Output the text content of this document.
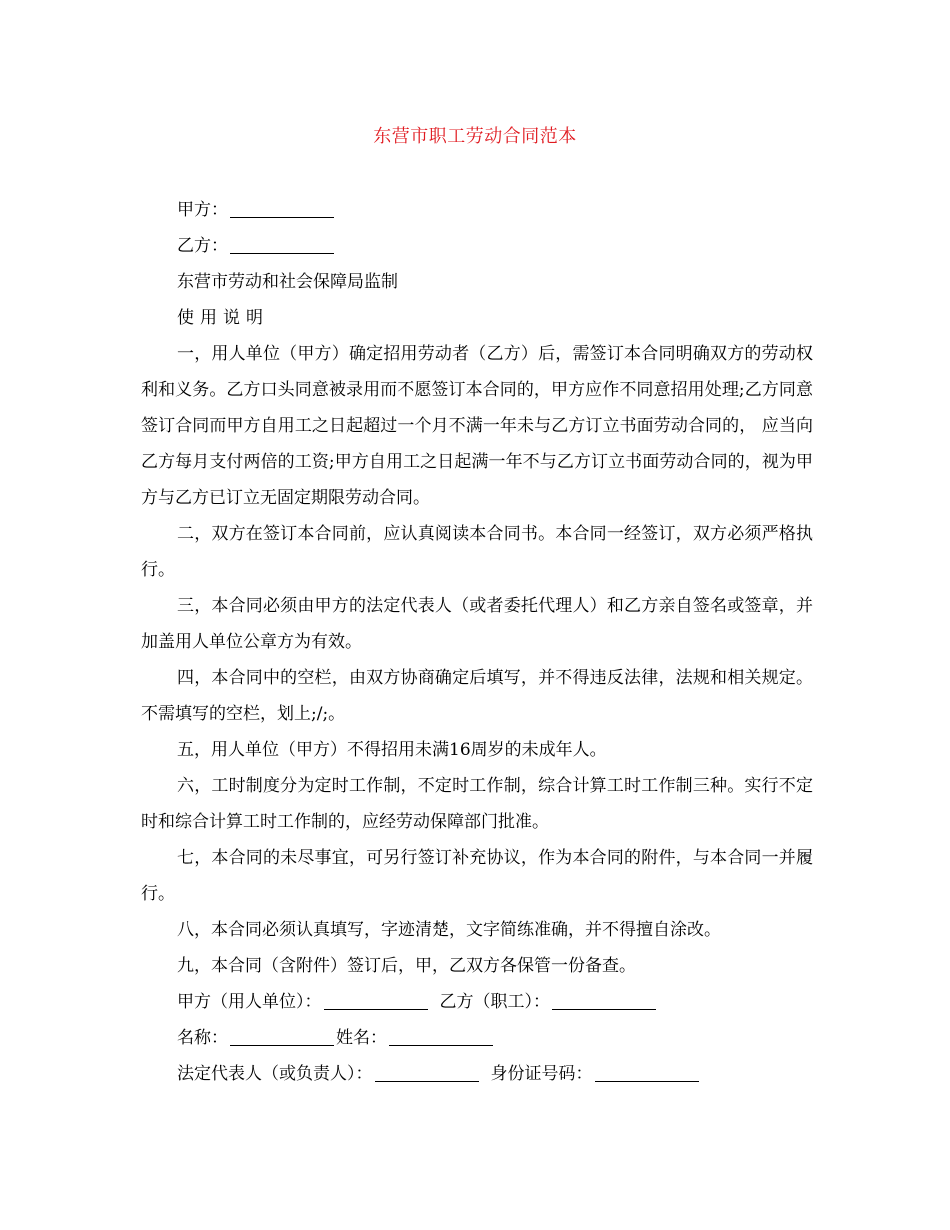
东营市职工劳动合同范本

甲方：

乙方：

东营市劳动和社会保障局监制

使用说明

一，用人单位（甲方）确定招用劳动者（乙方）后，需签订本合同明确双方的劳动权利和义务。乙方口头同意被录用而不愿签订本合同的，甲方应作不同意招用处理;乙方同意签订合同而甲方自用工之日起超过一个月不满一年未与乙方订立书面劳动合同的， 应当向乙方每月支付两倍的工资;甲方自用工之日起满一年不与乙方订立书面劳动合同的，视为甲方与乙方已订立无固定期限劳动合同。

二，双方在签订本合同前，应认真阅读本合同书。本合同一经签订，双方必须严格执行。

三，本合同必须由甲方的法定代表人（或者委托代理人）和乙方亲自签名或签章，并加盖用人单位公章方为有效。

四，本合同中的空栏，由双方协商确定后填写，并不得违反法律，法规和相关规定。不需填写的空栏，划上;/;。

五，用人单位（甲方）不得招用未满16周岁的未成年人。

六，工时制度分为定时工作制，不定时工作制，综合计算工时工作制三种。实行不定时和综合计算工时工作制的，应经劳动保障部门批准。

七，本合同的未尽事宜，可另行签订补充协议，作为本合同的附件，与本合同一并履行。

八，本合同必须认真填写，字迹清楚，文字简练准确，并不得擅自涂改。

九，本合同（含附件）签订后，甲，乙双方各保管一份备查。

甲方（用人单位）：	乙方（职工）：

名称：	姓名：

法定代表人（或负责人）：	身份证号码：
